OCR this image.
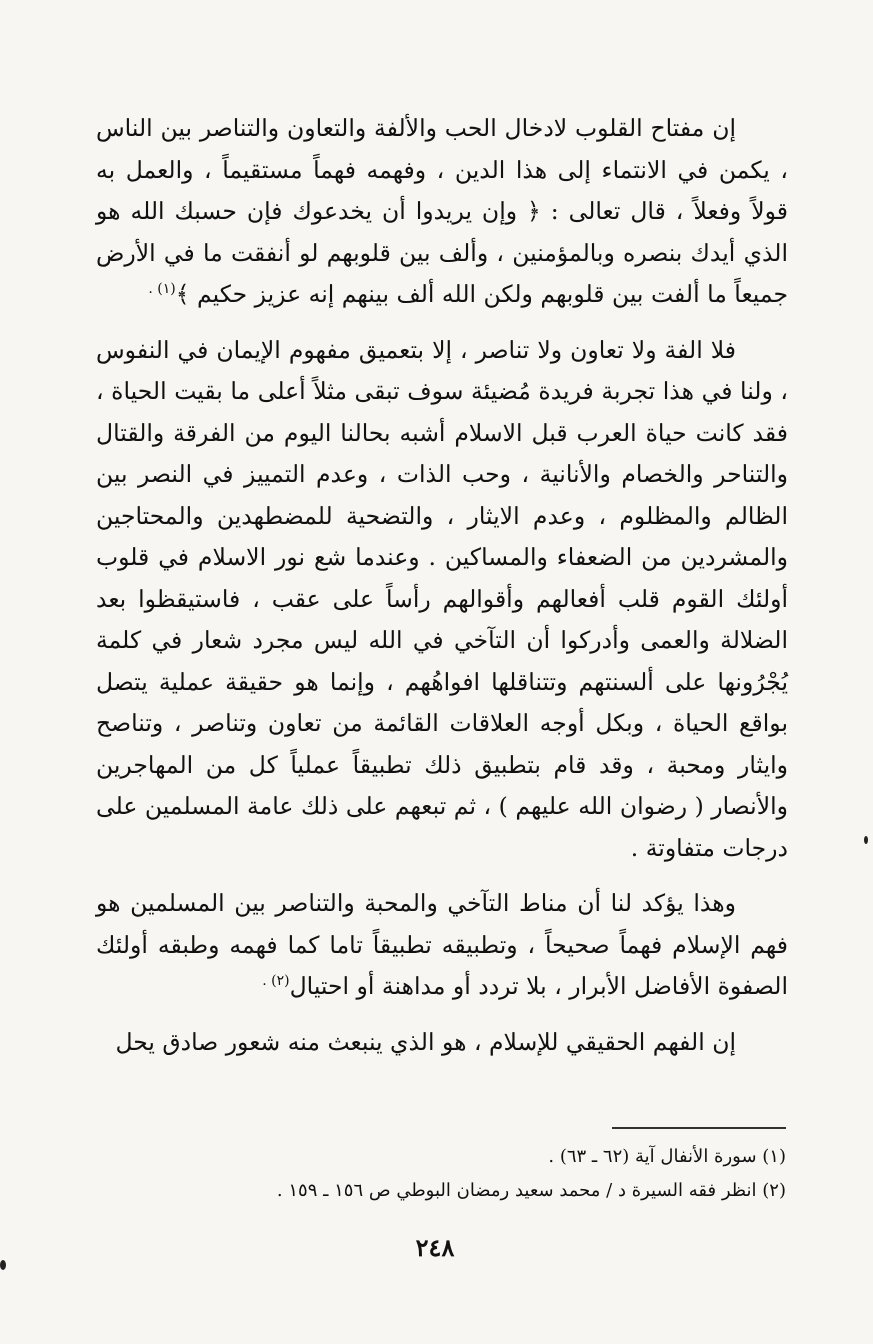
إن مفتاح القلوب لادخال الحب والألفة والتعاون والتناصر بين الناس ، يكمن في الانتماء إلى هذا الدين ، وفهمه فهماً مستقيماً ، والعمل به قولاً وفعلاً ، قال تعالى : ﴿ وإن يريدوا أن يخدعوك فإن حسبك الله هو الذي أيدك بنصره وبالمؤمنين ، وألف بين قلوبهم لو أنفقت ما في الأرض جميعاً ما ألفت بين قلوبهم ولكن الله ألف بينهم إنه عزيز حكيم ﴾$^{(١) .}$

فلا الفة ولا تعاون ولا تناصر ، إلا بتعميق مفهوم الإيمان في النفوس ، ولنا في هذا تجربة فريدة مُضيئة سوف تبقى مثلاً أعلى ما بقيت الحياة ، فقد كانت حياة العرب قبل الاسلام أشبه بحالنا اليوم من الفرقة والقتال والتناحر والخصام والأنانية ، وحب الذات ، وعدم التمييز في النصر بين الظالم والمظلوم ، وعدم الايثار ، والتضحية للمضطهدين والمحتاجين والمشردين من الضعفاء والمساكين . وعندما شع نور الاسلام في قلوب أولئك القوم قلب أفعالهم وأقوالهم رأساً على عقب ، فاستيقظوا بعد الضلالة والعمى وأدركوا أن التآخي في الله ليس مجرد شعار في كلمة يُجْرُونها على ألسنتهم وتتناقلها افواهُهم ، وإنما هو حقيقة عملية يتصل بواقع الحياة ، وبكل أوجه العلاقات القائمة من تعاون وتناصر ، وتناصح وايثار ومحبة ، وقد قام بتطبيق ذلك تطبيقاً عملياً كل من المهاجرين والأنصار ( رضوان الله عليهم ) ، ثم تبعهم على ذلك عامة المسلمين على درجات متفاوتة .

وهذا يؤكد لنا أن مناط التآخي والمحبة والتناصر بين المسلمين هو فهم الإسلام فهماً صحيحاً ، وتطبيقه تطبيقاً تاما كما فهمه وطبقه أولئك الصفوة الأفاضل الأبرار ، بلا تردد أو مداهنة أو احتيال$^{(٢) .}$

إن الفهم الحقيقي للإسلام ، هو الذي ينبعث منه شعور صادق يحل

(١) سورة الأنفال آية (٦٢ ـ ٦٣) .

(٢) انظر فقه السيرة د / محمد سعيد رمضان البوطي ص ١٥٦ ـ ١٥٩ .

٢٤٨
